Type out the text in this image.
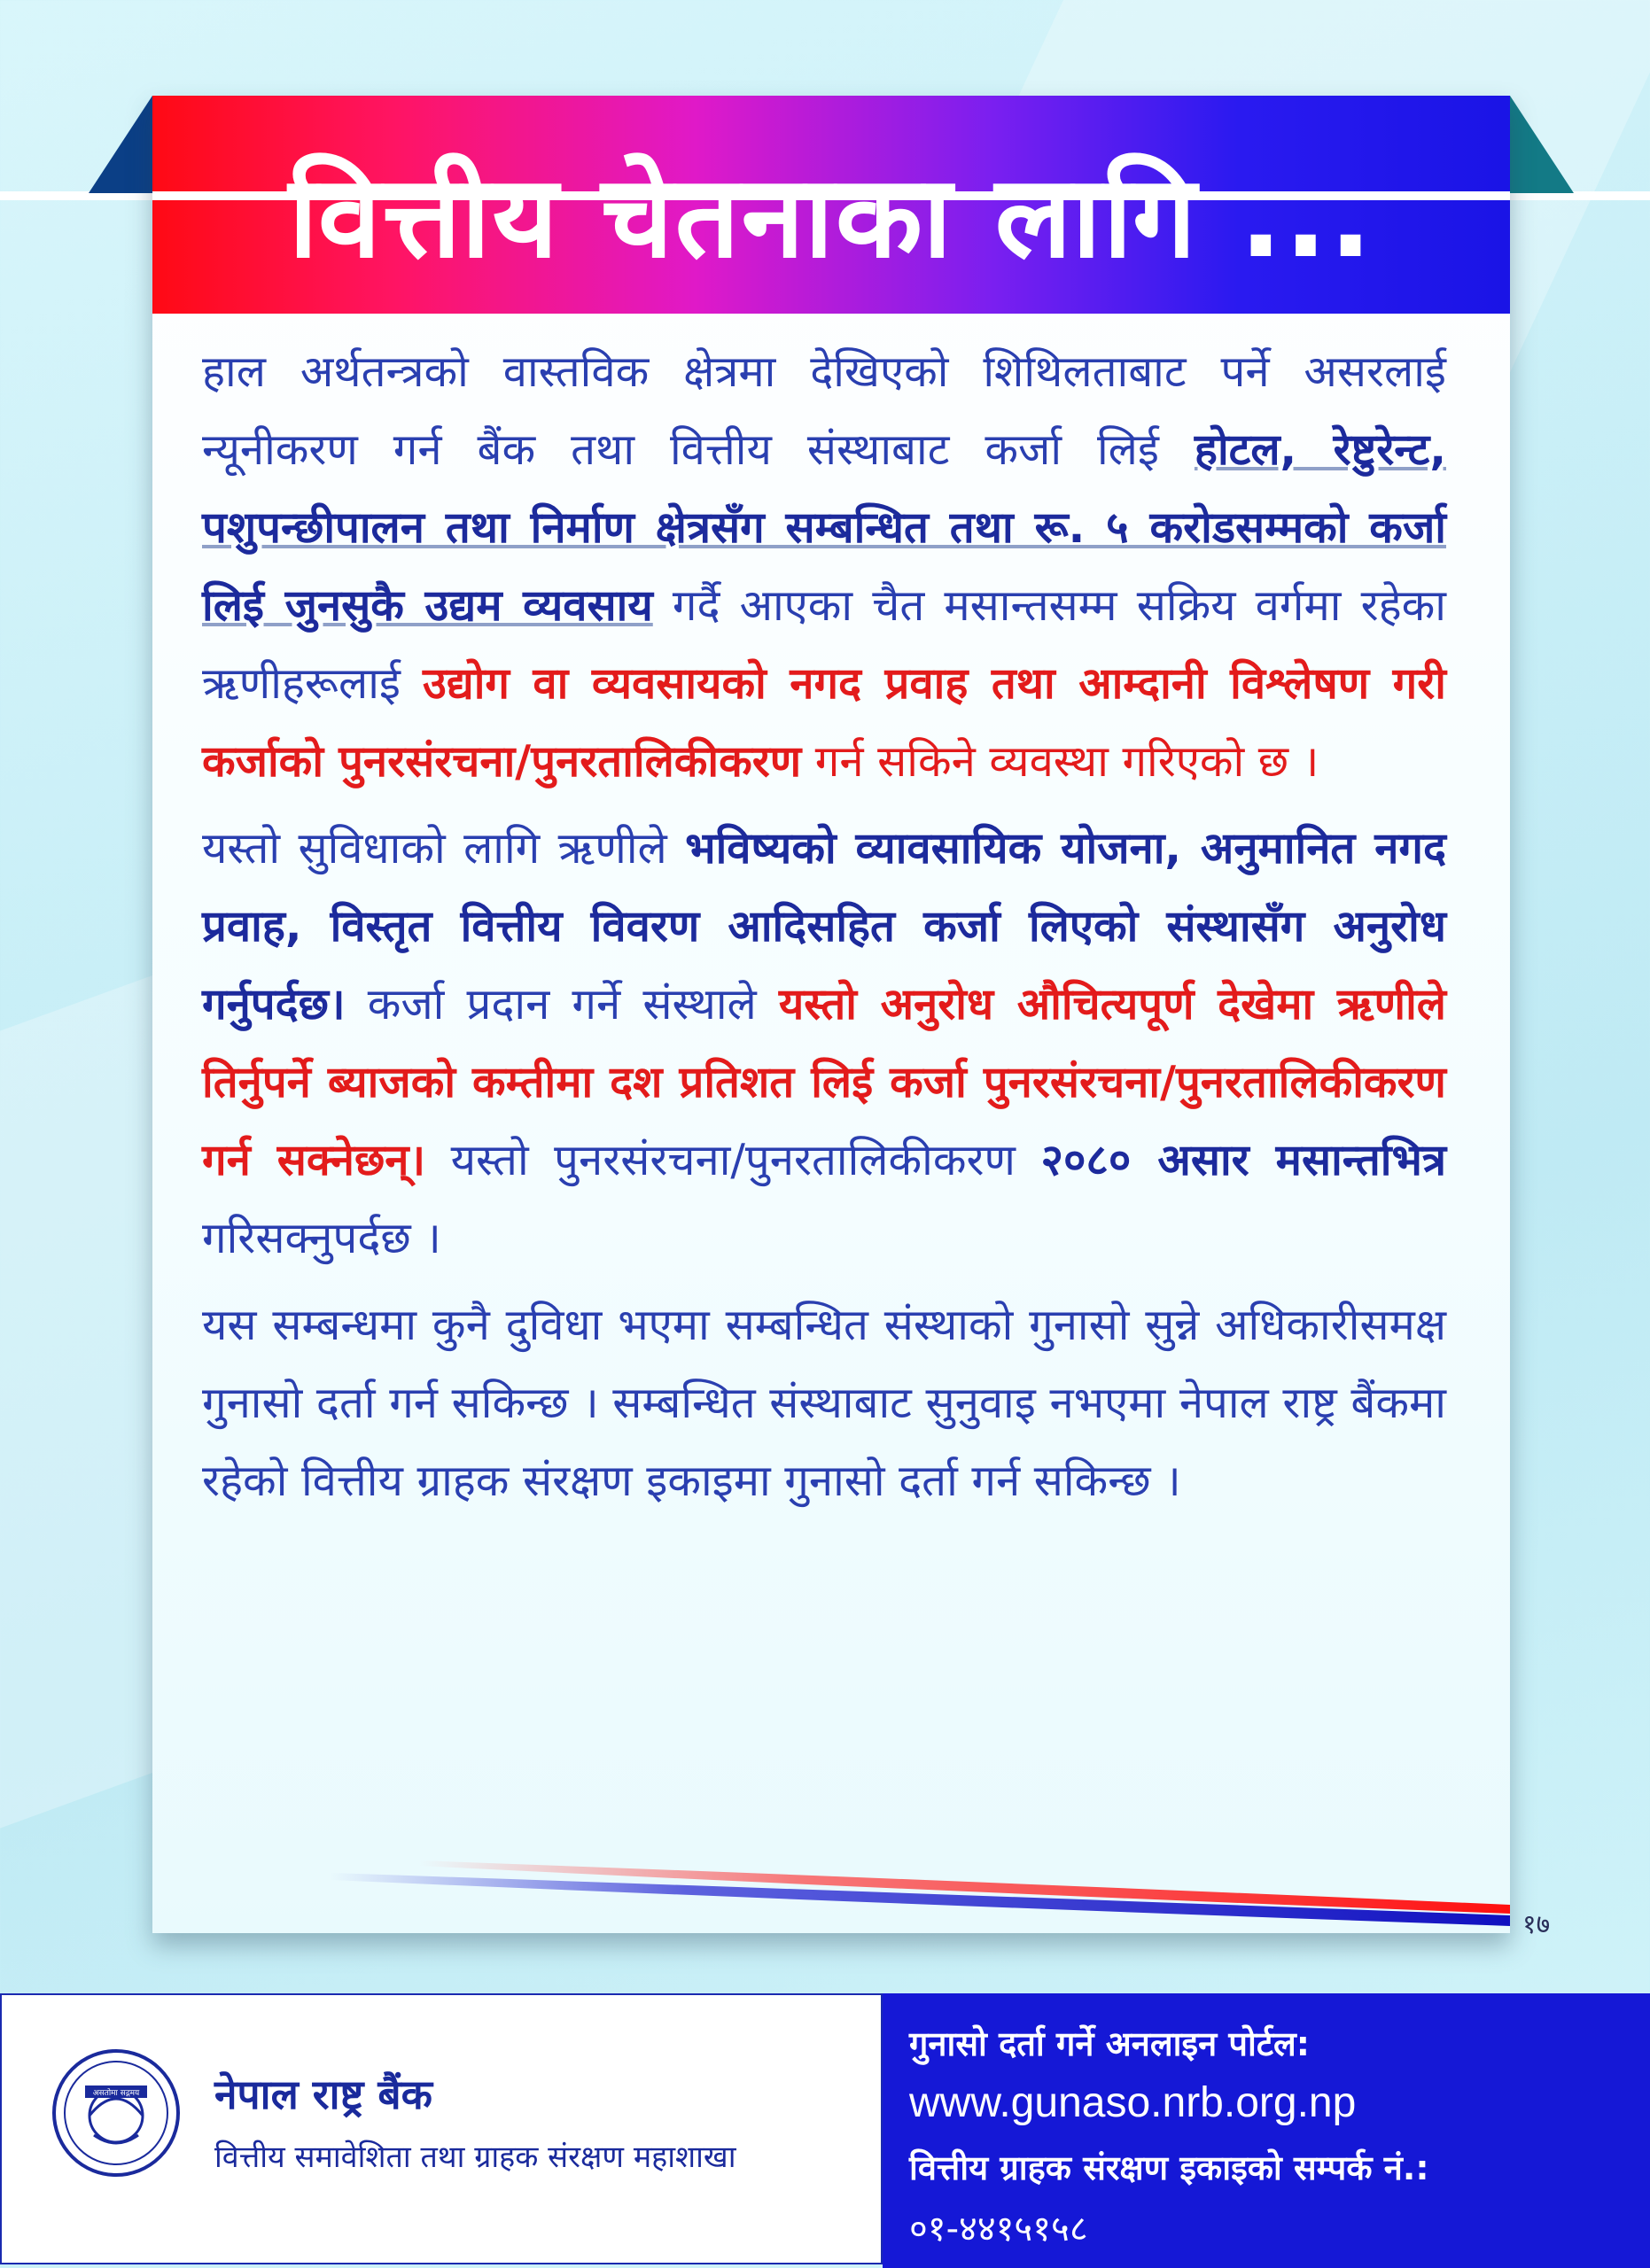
वित्तीय चेतनाका लागि ...

हाल अर्थतन्त्रको वास्तविक क्षेत्रमा देखिएको शिथिलताबाट पर्ने असरलाई न्यूनीकरण गर्न बैंक तथा वित्तीय संस्थाबाट कर्जा लिई होटल, रेष्टुरेन्ट, पशुपन्छीपालन तथा निर्माण क्षेत्रसँग सम्बन्धित तथा रू. ५ करोडसम्मको कर्जा लिई जुनसुकै उद्यम व्यवसाय गर्दै आएका चैत मसान्तसम्म सक्रिय वर्गमा रहेका ऋणीहरूलाई उद्योग वा व्यवसायको नगद प्रवाह तथा आम्दानी विश्लेषण गरी कर्जाको पुनरसंरचना/पुनरतालिकीकरण गर्न सकिने व्यवस्था गरिएको छ ।

यस्तो सुविधाको लागि ऋणीले भविष्यको व्यावसायिक योजना, अनुमानित नगद प्रवाह, विस्तृत वित्तीय विवरण आदिसहित कर्जा लिएको संस्थासँग अनुरोध गर्नुपर्दछ। कर्जा प्रदान गर्ने संस्थाले यस्तो अनुरोध औचित्यपूर्ण देखेमा ऋणीले तिर्नुपर्ने ब्याजको कम्तीमा दश प्रतिशत लिई कर्जा पुनरसंरचना/पुनरतालिकीकरण गर्न सक्नेछन्। यस्तो पुनरसंरचना/पुनरतालिकीकरण २०८० असार मसान्तभित्र गरिसक्नुपर्दछ ।

यस सम्बन्धमा कुनै दुविधा भएमा सम्बन्धित संस्थाको गुनासो सुन्ने अधिकारीसमक्ष गुनासो दर्ता गर्न सकिन्छ । सम्बन्धित संस्थाबाट सुनुवाइ नभएमा नेपाल राष्ट्र बैंकमा रहेको वित्तीय ग्राहक संरक्षण इकाइमा गुनासो दर्ता गर्न सकिन्छ ।

१७
असतोमा सद्गमय नेपाल राष्ट्र बैंक
वित्तीय समावेशिता तथा ग्राहक संरक्षण महाशाखा
गुनासो दर्ता गर्ने अनलाइन पोर्टल:
www.gunaso.nrb.org.np
वित्तीय ग्राहक संरक्षण इकाइको सम्पर्क नं.:
०१-४४१५१५८
